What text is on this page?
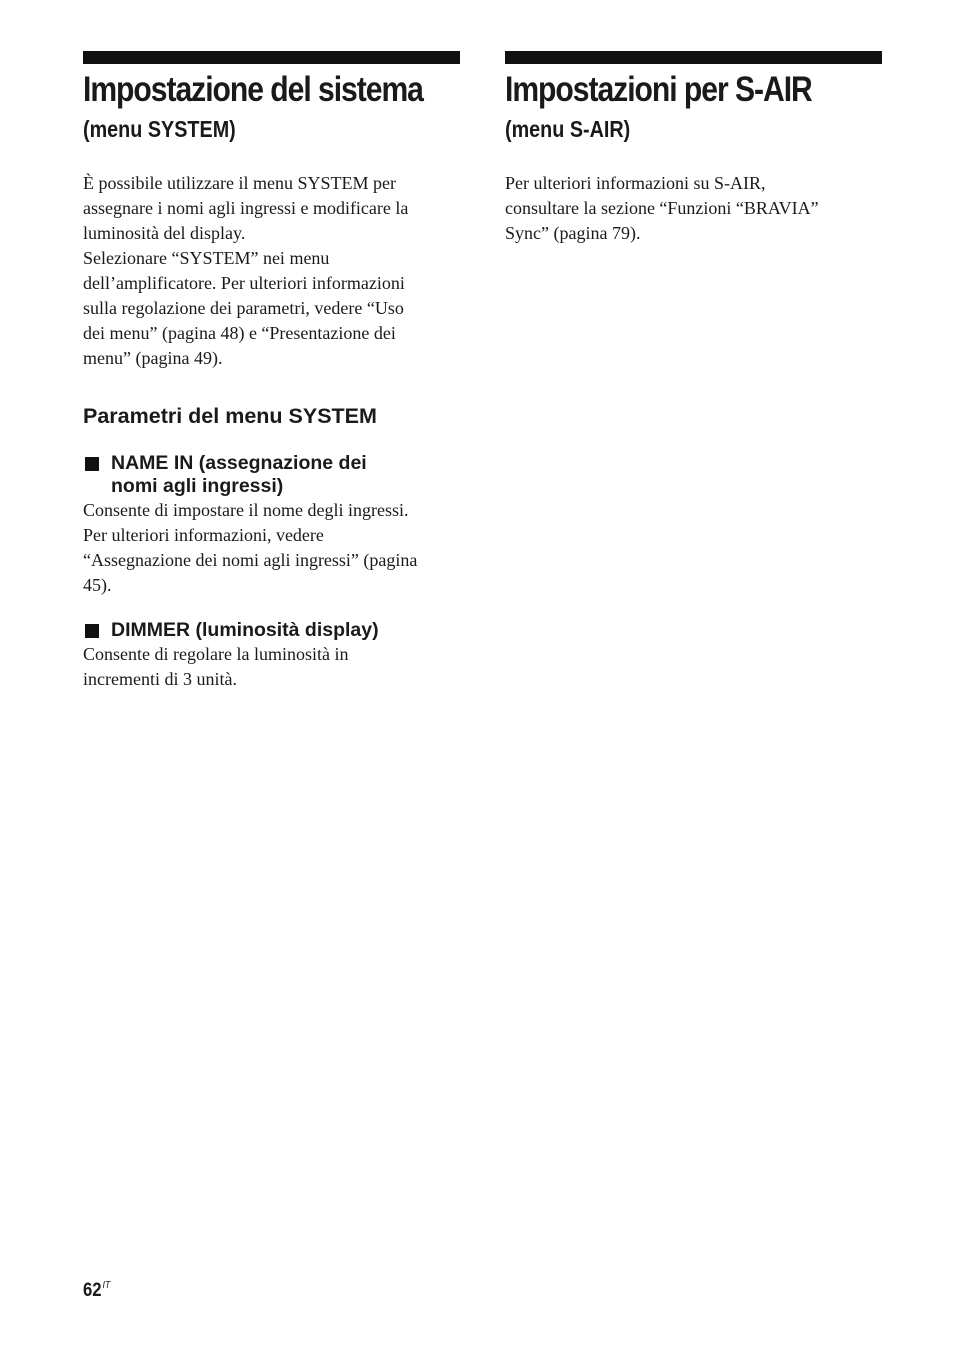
Impostazione del sistema
(menu SYSTEM)

È possibile utilizzare il menu SYSTEM per
assegnare i nomi agli ingressi e modificare la
luminosità del display.
Selezionare “SYSTEM” nei menu
dell’amplificatore. Per ulteriori informazioni
sulla regolazione dei parametri, vedere “Uso
dei menu” (pagina 48) e “Presentazione dei
menu” (pagina 49).

Parametri del menu SYSTEM
NAME IN (assegnazione dei
nomi agli ingressi)

Consente di impostare il nome degli ingressi.
Per ulteriori informazioni, vedere
“Assegnazione dei nomi agli ingressi” (pagina
45).

DIMMER (luminosità display)

Consente di regolare la luminosità in
incrementi di 3 unità.

Impostazioni per S-AIR
(menu S-AIR)

Per ulteriori informazioni su S-AIR,
consultare la sezione “Funzioni “BRAVIA”
Sync” (pagina 79).

$62^{IT}$
